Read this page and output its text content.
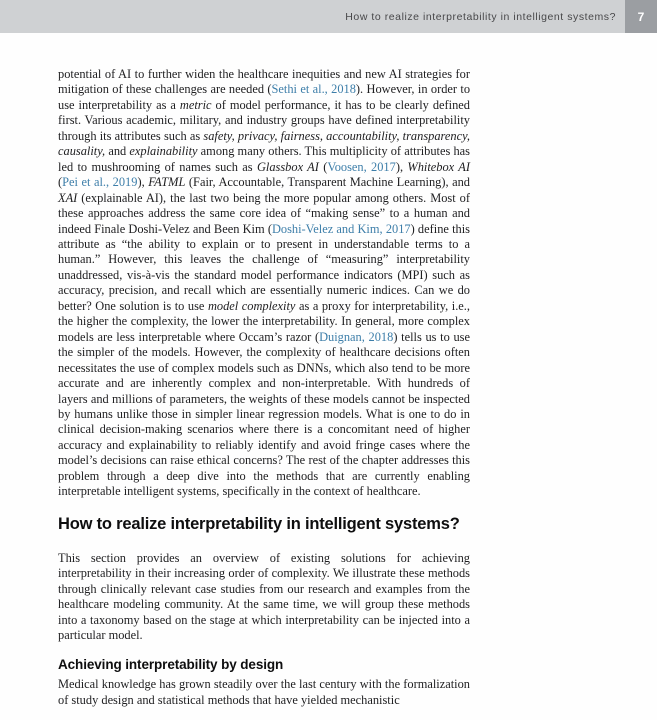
How to realize interpretability in intelligent systems? 7

potential of AI to further widen the healthcare inequities and new AI strategies for mitigation of these challenges are needed (Sethi et al., 2018). However, in order to use interpretability as a metric of model performance, it has to be clearly defined first. Various academic, military, and industry groups have defined interpretability through its attributes such as safety, privacy, fairness, accountability, transparency, causality, and explainability among many others. This multiplicity of attributes has led to mushrooming of names such as Glassbox AI (Voosen, 2017), Whitebox AI (Pei et al., 2019), FATML (Fair, Accountable, Transparent Machine Learning), and XAI (explainable AI), the last two being the more popular among others. Most of these approaches address the same core idea of “making sense” to a human and indeed Finale Doshi-Velez and Been Kim (Doshi-Velez and Kim, 2017) define this attribute as “the ability to explain or to present in understandable terms to a human.” However, this leaves the challenge of “measuring” interpretability unaddressed, vis-à-vis the standard model performance indicators (MPI) such as accuracy, precision, and recall which are essentially numeric indices. Can we do better? One solution is to use model complexity as a proxy for interpretability, i.e., the higher the complexity, the lower the interpretability. In general, more complex models are less interpretable where Occam’s razor (Duignan, 2018) tells us to use the simpler of the models. However, the complexity of healthcare decisions often necessitates the use of complex models such as DNNs, which also tend to be more accurate and are inherently complex and non-interpretable. With hundreds of layers and millions of parameters, the weights of these models cannot be inspected by humans unlike those in simpler linear regression models. What is one to do in clinical decision-making scenarios where there is a concomitant need of higher accuracy and explainability to reliably identify and avoid fringe cases where the model’s decisions can raise ethical concerns? The rest of the chapter addresses this problem through a deep dive into the methods that are currently enabling interpretable intelligent systems, specifically in the context of healthcare.

How to realize interpretability in intelligent systems?

This section provides an overview of existing solutions for achieving interpretability in their increasing order of complexity. We illustrate these methods through clinically relevant case studies from our research and examples from the healthcare modeling community. At the same time, we will group these methods into a taxonomy based on the stage at which interpretability can be injected into a particular model.

Achieving interpretability by design

Medical knowledge has grown steadily over the last century with the formalization of study design and statistical methods that have yielded mechanistic
